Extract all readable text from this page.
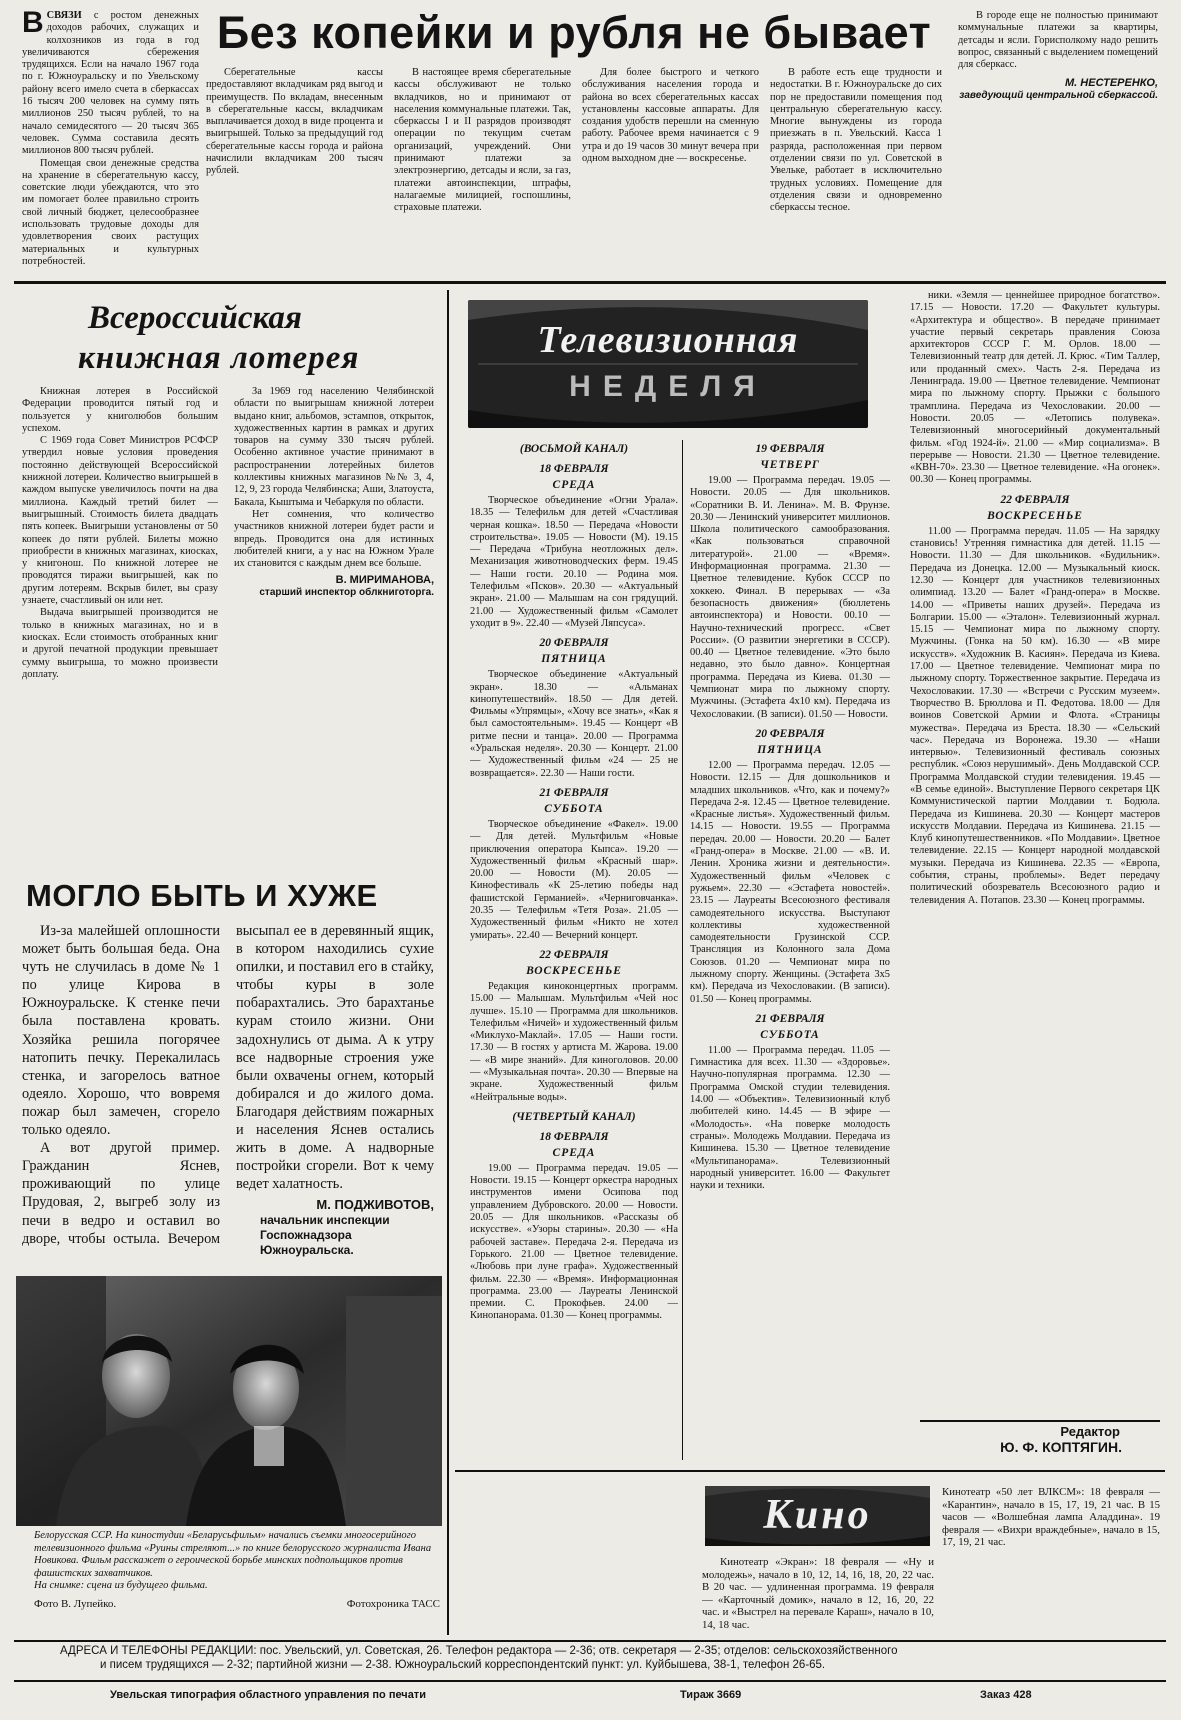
Без копейки и рубля не бывает

ВСВЯЗИ с ростом денежных доходов рабочих, служащих и колхозников из года в год увеличиваются сбережения трудящихся. Если на начало 1967 года по г. Южноуральску и по Увельскому району всего имело счета в сберкассах 16 тысяч 200 человек на сумму пять миллионов 250 тысяч рублей, то на начало семидесятого — 20 тысяч 365 человек. Сумма составила десять миллионов 800 тысяч рублей.

Помещая свои денежные средства на хранение в сберегательную кассу, советские люди убеждаются, что это им помогает более правильно строить свой личный бюджет, целесообразнее использовать трудовые доходы для удовлетворения своих растущих материальных и культурных потребностей.

Сберегательные кассы предоставляют вкладчикам ряд выгод и преимуществ. По вкладам, внесенным в сберегательные кассы, вкладчикам выплачивается доход в виде процента и выигрышей. Только за предыдущий год сберегательные кассы города и района начислили вкладчикам 200 тысяч рублей.

В настоящее время сберегательные кассы обслуживают не только вкладчиков, но и принимают от населения коммунальные платежи. Так, сберкассы I и II разрядов производят операции по текущим счетам организаций, учреждений. Они принимают платежи за электроэнергию, детсады и ясли, за газ, платежи автоинспекции, штрафы, налагаемые милицией, госпошлины, страховые платежи.

Для более быстрого и четкого обслуживания населения города и района во всех сберегательных кассах установлены кассовые аппараты. Для создания удобств перешли на сменную работу. Рабочее время начинается с 9 утра и до 19 часов 30 минут вечера при одном выходном дне — воскресенье.

В работе есть еще трудности и недостатки. В г. Южноуральске до сих пор не предоставили помещения под центральную сберегательную кассу. Многие вынуждены из города приезжать в п. Увельский. Касса 1 разряда, расположенная при первом отделении связи по ул. Советской в Увельке, работает в исключительно трудных условиях. Помещение для отделения связи и одновременно сберкассы тесное.

В городе еще не полностью принимают коммунальные платежи за квартиры, детсады и ясли. Горисполкому надо решить вопрос, связанный с выделением помещений для сберкасс.

М. НЕСТЕРЕНКО,
заведующий центральной сберкассой.
Всероссийская
книжная лотерея

Книжная лотерея в Российской Федерации проводится пятый год и пользуется у книголюбов большим успехом.

С 1969 года Совет Министров РСФСР утвердил новые условия проведения постоянно действующей Всероссийской книжной лотереи. Количество выигрышей в каждом выпуске увеличилось почти на два миллиона. Каждый третий билет — выигрышный. Стоимость билета двадцать пять копеек. Выигрыши установлены от 50 копеек до пяти рублей. Билеты можно приобрести в книжных магазинах, киосках, у книгонош. По книжной лотерее не проводятся тиражи выигрышей, как по другим лотереям. Вскрыв билет, вы сразу узнаете, счастливый он или нет.

Выдача выигрышей производится не только в книжных магазинах, но и в киосках. Если стоимость отобранных книг и другой печатной продукции превышает сумму выигрыша, то можно произвести доплату.

За 1969 год населению Челябинской области по выигрышам книжной лотереи выдано книг, альбомов, эстампов, открыток, художественных картин в рамках и других товаров на сумму 330 тысяч рублей. Особенно активное участие принимают в распространении лотерейных билетов коллективы книжных магазинов №№ 3, 4, 12, 9, 23 города Челябинска; Аши, Златоуста, Бакала, Кыштыма и Чебаркуля по области.

Нет сомнения, что количество участников книжной лотереи будет расти и впредь. Проводится она для истинных любителей книги, а у нас на Южном Урале их становится с каждым днем все больше.

В. МИРИМАНОВА,
старший инспектор облкниготорга.
МОГЛО БЫТЬ И ХУЖЕ

Из-за малейшей оплошности может быть большая беда. Она чуть не случилась в доме № 1 по улице Кирова в Южноуральске. К стенке печи была поставлена кровать. Хозяйка решила погорячее натопить печку. Перекалилась стенка, и загорелось ватное одеяло. Хорошо, что вовремя пожар был замечен, сгорело только одеяло.

А вот другой пример. Гражданин Яснев, проживающий по улице Прудовая, 2, выгреб золу из печи в ведро и оставил во дворе, чтобы остыла. Вечером высыпал ее в деревянный ящик, в котором находились сухие опилки, и поставил его в стайку, чтобы куры в золе побарахтались. Это барахтанье курам стоило жизни. Они задохнулись от дыма. А к утру все надворные строения уже были охвачены огнем, который добирался и до жилого дома. Благодаря действиям пожарных и населения Яснев остались жить в доме. А надворные постройки сгорели. Вот к чему ведет халатность.

М. ПОДЖИВОТОВ,
начальник инспекции Госпожнадзора Южноуральска.

Белорусская ССР. На киностудии «Беларусьфильм» начались съемки многосерийного телевизионного фильма «Руины стреляют...» по книге белорусского журналиста Ивана Новикова. Фильм расскажет о героической борьбе минских подпольщиков против фашистских захватчиков.

На снимке: сцена из будущего фильма.

Фото В. Лупейко.	Фотохроника ТАСС
Телевизионная
НЕДЕЛЯ
(ВОСЬМОЙ КАНАЛ)
18 ФЕВРАЛЯ
СРЕДА

Творческое объединение «Огни Урала». 18.35 — Телефильм для детей «Счастливая черная кошка». 18.50 — Передача «Новости строительства». 19.05 — Новости (М). 19.15 — Передача «Трибуна неотложных дел». Механизация животноводческих ферм. 19.45 — Наши гости. 20.10 — Родина моя. Телефильм «Псков». 20.30 — «Актуальный экран». 21.00 — Малышам на сон грядущий. 21.00 — Художественный фильм «Самолет уходит в 9». 22.40 — «Музей Ляпсуса».

20 ФЕВРАЛЯ
ПЯТНИЦА

Творческое объединение «Актуальный экран». 18.30 — «Альманах кинопутешествий». 18.50 — Для детей. Фильмы «Упрямцы», «Хочу все знать», «Как я был самостоятельным». 19.45 — Концерт «В ритме песни и танца». 20.00 — Программа «Уральская неделя». 20.30 — Концерт. 21.00 — Художественный фильм «24 — 25 не возвращается». 22.30 — Наши гости.

21 ФЕВРАЛЯ
СУББОТА

Творческое объединение «Факел». 19.00 — Для детей. Мультфильм «Новые приключения оператора Кыпса». 19.20 — Художественный фильм «Красный шар». 20.00 — Новости (М). 20.05 — Кинофестиваль «К 25-летию победы над фашистской Германией». «Черниговчанка». 20.35 — Телефильм «Тетя Роза». 21.05 — Художественный фильм «Никто не хотел умирать». 22.40 — Вечерний концерт.

22 ФЕВРАЛЯ
ВОСКРЕСЕНЬЕ

Редакция киноконцертных программ. 15.00 — Малышам. Мультфильм «Чей нос лучше». 15.10 — Программа для школьников. Телефильм «Ничей» и художественный фильм «Миклухо-Маклай». 17.05 — Наши гости. 17.30 — В гостях у артиста М. Жарова. 19.00 — «В мире знаний». Для киноголовов. 20.00 — «Музыкальная почта». 20.30 — Впервые на экране. Художественный фильм «Нейтральные воды».

(ЧЕТВЕРТЫЙ КАНАЛ)
18 ФЕВРАЛЯ
СРЕДА

19.00 — Программа передач. 19.05 — Новости. 19.15 — Концерт оркестра народных инструментов имени Осипова под управлением Дубровского. 20.00 — Новости. 20.05 — Для школьников. «Рассказы об искусстве». «Узоры старины». 20.30 — «На рабочей заставе». Передача 2-я. Передача из Горького. 21.00 — Цветное телевидение. «Любовь при луне графа». Художественный фильм. 22.30 — «Время». Информационная программа. 23.00 — Лауреаты Ленинской премии. С. Прокофьев. 24.00 — Кинопанорама. 01.30 — Конец программы.

19 ФЕВРАЛЯ
ЧЕТВЕРГ

19.00 — Программа передач. 19.05 — Новости. 20.05 — Для школьников. «Соратники В. И. Ленина». М. В. Фрунзе. 20.30 — Ленинский университет миллионов. Школа политического самообразования. «Как пользоваться справочной литературой». 21.00 — «Время». Информационная программа. 21.30 — Цветное телевидение. Кубок СССР по хоккею. Финал. В перерывах — «За безопасность движения» (бюллетень автоинспектора) и Новости. 00.10 — Научно-технический прогресс. «Свет России». (О развитии энергетики в СССР). 00.40 — Цветное телевидение. «Это было недавно, это было давно». Концертная программа. Передача из Киева. 01.30 — Чемпионат мира по лыжному спорту. Мужчины. (Эстафета 4x10 км). Передача из Чехословакии. (В записи). 01.50 — Новости.

20 ФЕВРАЛЯ
ПЯТНИЦА

12.00 — Программа передач. 12.05 — Новости. 12.15 — Для дошкольников и младших школьников. «Что, как и почему?» Передача 2-я. 12.45 — Цветное телевидение. «Красные листья». Художественный фильм. 14.15 — Новости. 19.55 — Программа передач. 20.00 — Новости. 20.20 — Балет «Гранд-опера» в Москве. 21.00 — «В. И. Ленин. Хроника жизни и деятельности». Художественный фильм «Человек с ружьем». 22.30 — «Эстафета новостей». 23.15 — Лауреаты Всесоюзного фестиваля самодеятельного искусства. Выступают коллективы художественной самодеятельности Грузинской ССР. Трансляция из Колонного зала Дома Союзов. 01.20 — Чемпионат мира по лыжному спорту. Женщины. (Эстафета 3x5 км). Передача из Чехословакии. (В записи). 01.50 — Конец программы.

21 ФЕВРАЛЯ
СУББОТА

11.00 — Программа передач. 11.05 — Гимнастика для всех. 11.30 — «Здоровье». Научно-популярная программа. 12.30 — Программа Омской студии телевидения. 14.00 — «Объектив». Телевизионный клуб любителей кино. 14.45 — В эфире — «Молодость». «На поверке молодость страны». Молодежь Молдавии. Передача из Кишинева. 15.30 — Цветное телевидение «Мультипанорама». Телевизионный народный университет. 16.00 — Факультет науки и техники.

ники. «Земля — ценнейшее природное богатство». 17.15 — Новости. 17.20 — Факультет культуры. «Архитектура и общество». В передаче принимает участие первый секретарь правления Союза архитекторов СССР Г. М. Орлов. 18.00 — Телевизионный театр для детей. Л. Крюс. «Тим Таллер, или проданный смех». Часть 2-я. Передача из Ленинграда. 19.00 — Цветное телевидение. Чемпионат мира по лыжному спорту. Прыжки с большого трамплина. Передача из Чехословакии. 20.00 — Новости. 20.05 — «Летопись полувека». Телевизионный многосерийный документальный фильм. «Год 1924-й». 21.00 — «Мир социализма». В перерыве — Новости. 21.30 — Цветное телевидение. «КВН-70». 23.30 — Цветное телевидение. «На огонек». 00.30 — Конец программы.

22 ФЕВРАЛЯ
ВОСКРЕСЕНЬЕ

11.00 — Программа передач. 11.05 — На зарядку становись! Утренняя гимнастика для детей. 11.15 — Новости. 11.30 — Для школьников. «Будильник». Передача из Донецка. 12.00 — Музыкальный киоск. 12.30 — Концерт для участников телевизионных олимпиад. 13.20 — Балет «Гранд-опера» в Москве. 14.00 — «Приветы наших друзей». Передача из Болгарии. 15.00 — «Эталон». Телевизионный журнал. 15.15 — Чемпионат мира по лыжному спорту. Мужчины. (Гонка на 50 км). 16.30 — «В мире искусств». «Художник В. Касиян». Передача из Киева. 17.00 — Цветное телевидение. Чемпионат мира по лыжному спорту. Торжественное закрытие. Передача из Чехословакии. 17.30 — «Встречи с Русским музеем». Творчество В. Брюллова и П. Федотова. 18.00 — Для воинов Советской Армии и Флота. «Страницы мужества». Передача из Бреста. 18.30 — «Сельский час». Передача из Воронежа. 19.30 — «Наши интервью». Телевизионный фестиваль союзных республик. «Союз нерушимый». День Молдавской ССР. Программа Молдавской студии телевидения. 19.45 — «В семье единой». Выступление Первого секретаря ЦК Коммунистической партии Молдавии т. Бодюла. Передача из Кишинева. 20.30 — Концерт мастеров искусств Молдавии. Передача из Кишинева. 21.15 — Клуб кинопутешественников. «По Молдавии». Цветное телевидение. 22.15 — Концерт народной молдавской музыки. Передача из Кишинева. 22.35 — «Европа, события, страны, проблемы». Ведет передачу политический обозреватель Всесоюзного радио и телевидения А. Потапов. 23.30 — Конец программы.

Редактор
Ю. Ф. КОПТЯГИН.
Кино

Кинотеатр «Экран»: 18 февраля — «Ну и молодежь», начало в 10, 12, 14, 16, 18, 20, 22 час. В 20 час. — удлиненная программа. 19 февраля — «Карточный домик», начало в 12, 16, 20, 22 час. и «Выстрел на перевале Караш», начало в 10, 14, 18 час.

Кинотеатр «50 лет ВЛКСМ»: 18 февраля — «Карантин», начало в 15, 17, 19, 21 час. В 15 часов — «Волшебная лампа Аладдина». 19 февраля — «Вихри враждебные», начало в 15, 17, 19, 21 час.

АДРЕСА И ТЕЛЕФОНЫ РЕДАКЦИИ: пос. Увельский, ул. Советская, 26. Телефон редактора — 2-36; отв. секретаря — 2-35; отделов: сельскохозяйственного
и писем трудящихся — 2-32; партийной жизни — 2-38. Южноуральский корреспондентский пункт: ул. Куйбышева, 38-1, телефон 26-65.
Увельская типография областного управления по печати	Тираж 3669	Заказ 428
